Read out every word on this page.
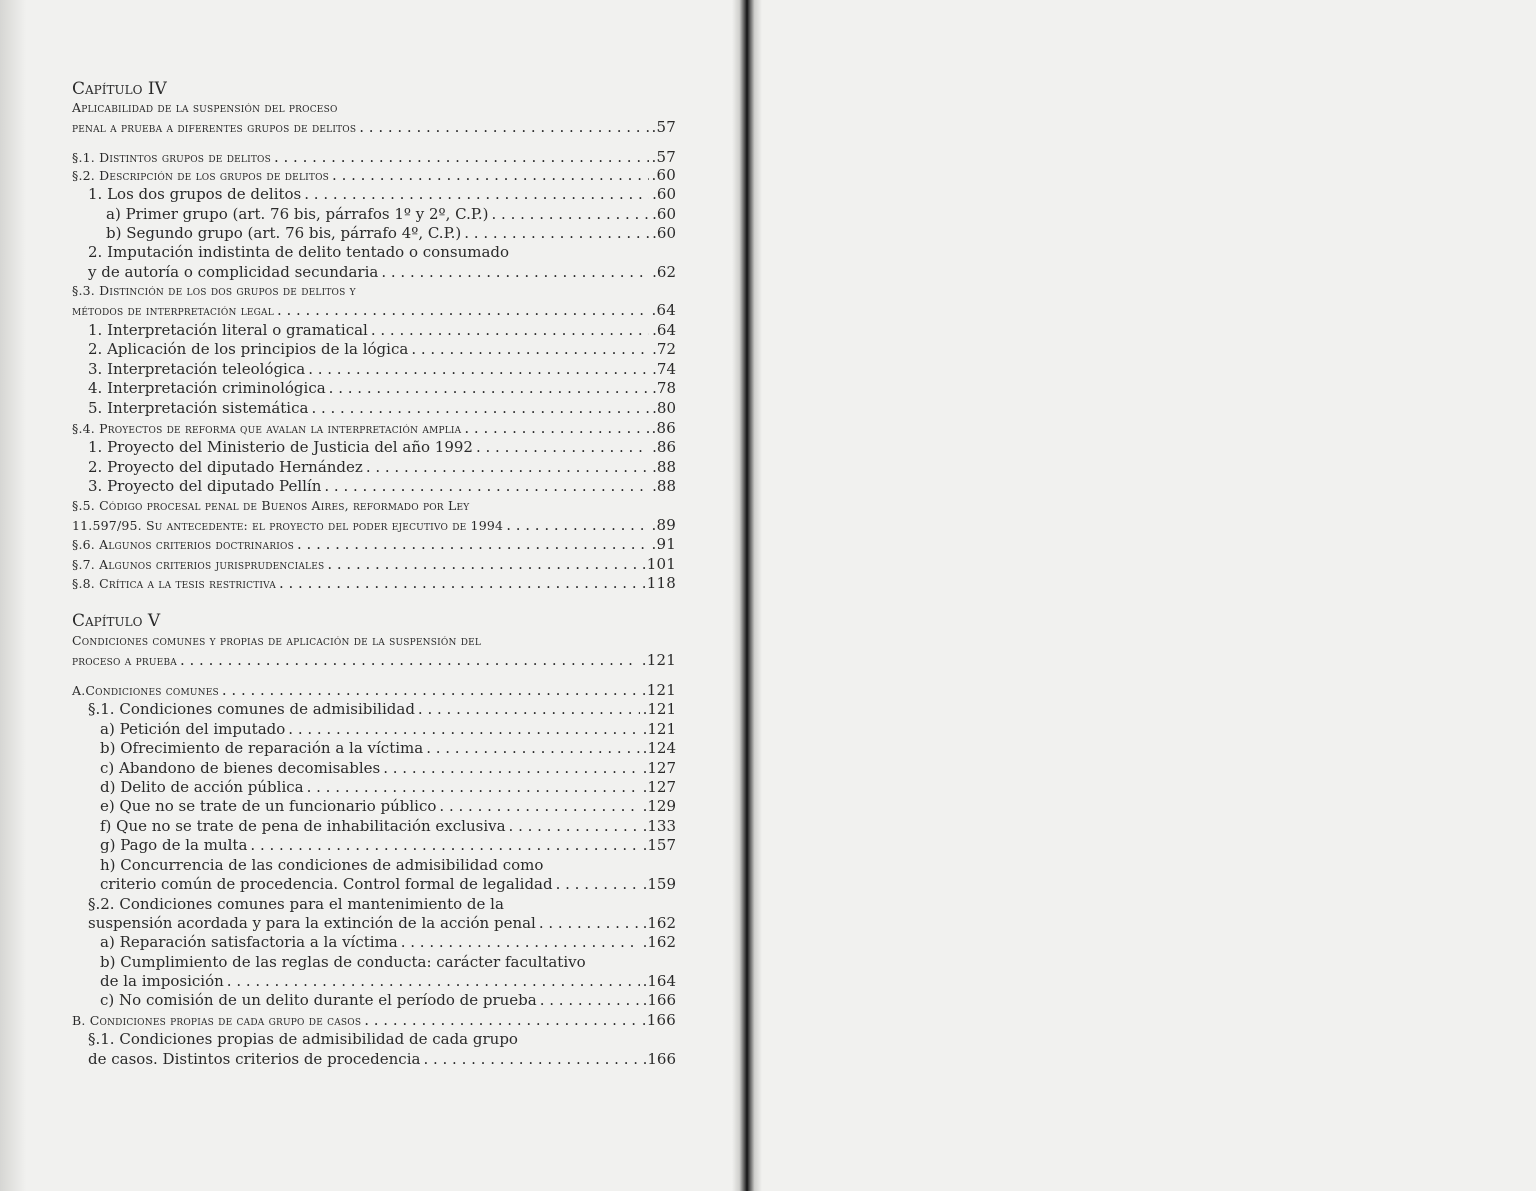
Capítulo IV
Aplicabilidad de la suspensión del proceso
penal a prueba a diferentes grupos de delitos . . .	.57
§.1. Distintos grupos de delitos . . .	.57
§.2. Descripción de los grupos de delitos . . .	.60
1. Los dos grupos de delitos . . .	.60
a) Primer grupo (art. 76 bis, párrafos 1º y 2º, C.P.) . . .	.60
b) Segundo grupo (art. 76 bis, párrafo 4º, C.P.) . . .	.60
2. Imputación indistinta de delito tentado o consumado
y de autoría o complicidad secundaria . . .	.62
§.3. Distinción de los dos grupos de delitos y
métodos de interpretación legal . . .	.64
1. Interpretación literal o gramatical . . .	.64
2. Aplicación de los principios de la lógica . . .	.72
3. Interpretación teleológica . . .	.74
4. Interpretación criminológica . . .	.78
5. Interpretación sistemática . . .	.80
§.4. Proyectos de reforma que avalan la interpretación amplia . . .	.86
1. Proyecto del Ministerio de Justicia del año 1992 . . .	.86
2. Proyecto del diputado Hernández . . .	.88
3. Proyecto del diputado Pellín . . .	.88
§.5. Código procesal penal de Buenos Aires, reformado por Ley
11.597/95. Su antecedente: el proyecto del poder ejecutivo de 1994 . . .	.89
§.6. Algunos criterios doctrinarios . . .	.91
§.7. Algunos criterios jurisprudenciales . . .	.101
§.8. Crítica a la tesis restrictiva . . .	.118
Capítulo V
Condiciones comunes y propias de aplicación de la suspensión del
proceso a prueba . . .	.121
A.Condiciones comunes . . .	.121
§.1. Condiciones comunes de admisibilidad . . .	.121
a) Petición del imputado . . .	.121
b) Ofrecimiento de reparación a la víctima . . .	.124
c) Abandono de bienes decomisables . . .	.127
d) Delito de acción pública . . .	.127
e) Que no se trate de un funcionario público . . .	.129
f) Que no se trate de pena de inhabilitación exclusiva . . .	.133
g) Pago de la multa . . .	.157
h) Concurrencia de las condiciones de admisibilidad como
criterio común de procedencia. Control formal de legalidad . . .	.159
§.2. Condiciones comunes para el mantenimiento de la
suspensión acordada y para la extinción de la acción penal . . .	.162
a) Reparación satisfactoria a la víctima . . .	.162
b) Cumplimiento de las reglas de conducta: carácter facultativo
de la imposición . . .	.164
c) No comisión de un delito durante el período de prueba . . .	.166
B. Condiciones propias de cada grupo de casos . . .	.166
§.1. Condiciones propias de admisibilidad de cada grupo
de casos. Distintos criterios de procedencia . . .	.166
